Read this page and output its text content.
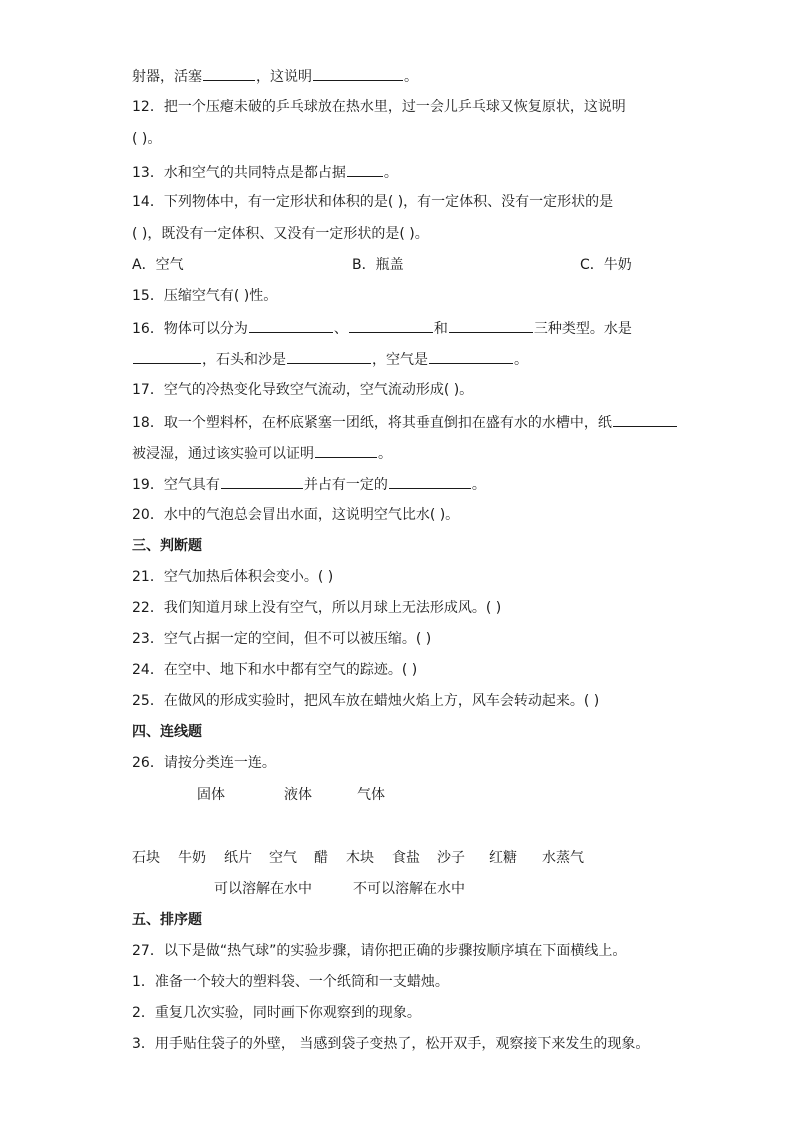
射器，活塞	，这说明	。
12．把一个压瘪未破的乒乓球放在热水里，过一会儿乒乓球又恢复原状，这说明
( )。
13．水和空气的共同特点是都占据	。
14．下列物体中，有一定形状和体积的是( )，有一定体积、没有一定形状的是
( )，既没有一定体积、又没有一定形状的是( )。
A．空气	B．瓶盖	C．牛奶
15．压缩空气有( )性。
16．物体可以分为	、	和	三种类型。水是
，石头和沙是	，空气是	。
17．空气的冷热变化导致空气流动，空气流动形成( )。
18．取一个塑料杯，在杯底紧塞一团纸，将其垂直倒扣在盛有水的水槽中，纸
被浸湿，通过该实验可以证明	。
19．空气具有	并占有一定的	。
20．水中的气泡总会冒出水面，这说明空气比水( )。
三、判断题
21．空气加热后体积会变小。( )
22．我们知道月球上没有空气，所以月球上无法形成风。( )
23．空气占据一定的空间，但不可以被压缩。( )
24．在空中、地下和水中都有空气的踪迹。( )
25．在做风的形成实验时，把风车放在蜡烛火焰上方，风车会转动起来。( )
四、连线题
26．请按分类连一连。
固体	液体	气体
石块 牛奶 纸片 空气 醋 木块 食盐 沙子 红糖 水蒸气
可以溶解在水中	不可以溶解在水中
五、排序题
27．以下是做“热气球”的实验步骤，请你把正确的步骤按顺序填在下面横线上。
1．准备一个较大的塑料袋、一个纸筒和一支蜡烛。
2．重复几次实验，同时画下你观察到的现象。
3．用手贴住袋子的外壁， 当感到袋子变热了，松开双手，观察接下来发生的现象。
